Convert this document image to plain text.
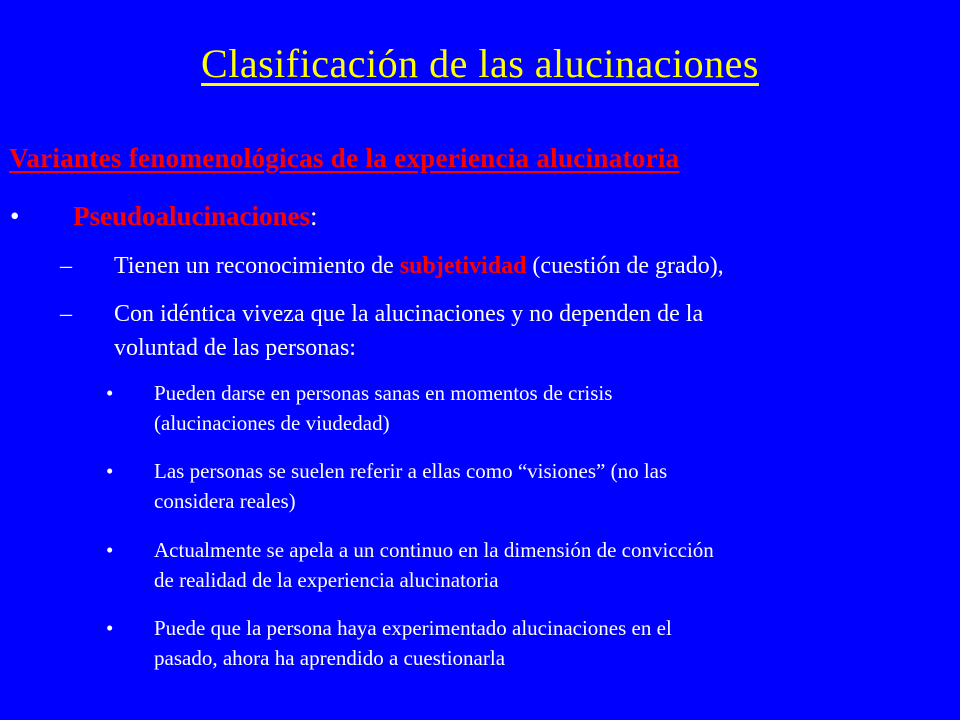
Clasificación de las alucinaciones
Variantes fenomenológicas de la experiencia alucinatoria
• Pseudoalucinaciones:
– Tienen un reconocimiento de subjetividad (cuestión de grado),
– Con idéntica viveza que la alucinaciones y no dependen de la
voluntad de las personas:
• Pueden darse en personas sanas en momentos de crisis
(alucinaciones de viudedad)
• Las personas se suelen referir a ellas como “visiones” (no las
considera reales)
• Actualmente se apela a un continuo en la dimensión de convicción
de realidad de la experiencia alucinatoria
• Puede que la persona haya experimentado alucinaciones en el
pasado, ahora ha aprendido a cuestionarla
